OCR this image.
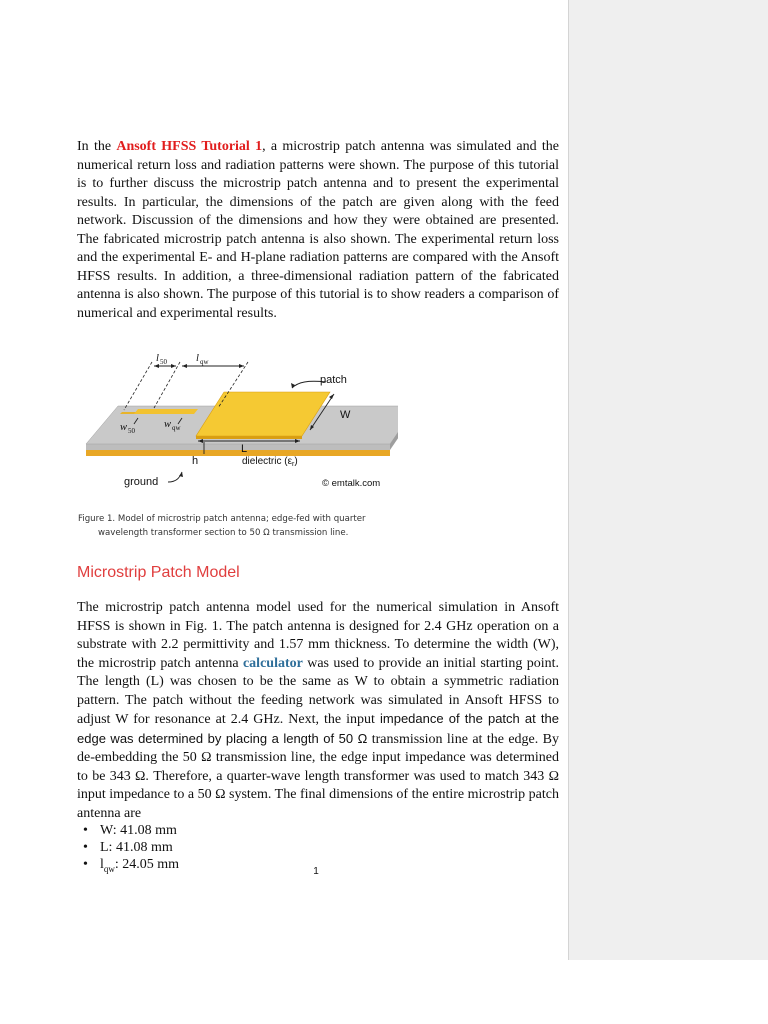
In the Ansoft HFSS Tutorial 1, a microstrip patch antenna was simulated and the numerical return loss and radiation patterns were shown. The purpose of this tutorial is to further discuss the microstrip patch antenna and to present the experimental results. In particular, the dimensions of the patch are given along with the feed network. Discussion of the dimensions and how they were obtained are presented. The fabricated microstrip patch antenna is also shown. The experimental return loss and the experimental E- and H-plane radiation patterns are compared with the Ansoft HFSS results. In addition, a three-dimensional radiation pattern of the fabricated antenna is also shown. The purpose of this tutorial is to show readers a comparison of numerical and experimental results.

l 50	l qw
patch
W
L
w 50
w qw
h	dielectric $(\varepsilon_r)$
ground	© emtalk.com
Figure 1. Model of microstrip patch antenna; edge-fed with quarter
wavelength transformer section to 50 Ω transmission line.
Microstrip Patch Model

The microstrip patch antenna model used for the numerical simulation in Ansoft HFSS is shown in Fig. 1. The patch antenna is designed for 2.4 GHz operation on a substrate with 2.2 permittivity and 1.57 mm thickness. To determine the width (W), the microstrip patch antenna calculator was used to provide an initial starting point. The length (L) was chosen to be the same as W to obtain a symmetric radiation pattern. The patch without the feeding network was simulated in Ansoft HFSS to adjust W for resonance at 2.4 GHz. Next, the input impedance of the patch at the edge was determined by placing a length of 50 Ω transmission line at the edge. By de-embedding the 50 Ω transmission line, the edge input impedance was determined to be 343 Ω. Therefore, a quarter-wave length transformer was used to match 343 Ω input impedance to a 50 Ω system. The final dimensions of the entire microstrip patch antenna are

• W: 41.08 mm
• L: 41.08 mm
• $l_{qw}$: 24.05 mm	1
